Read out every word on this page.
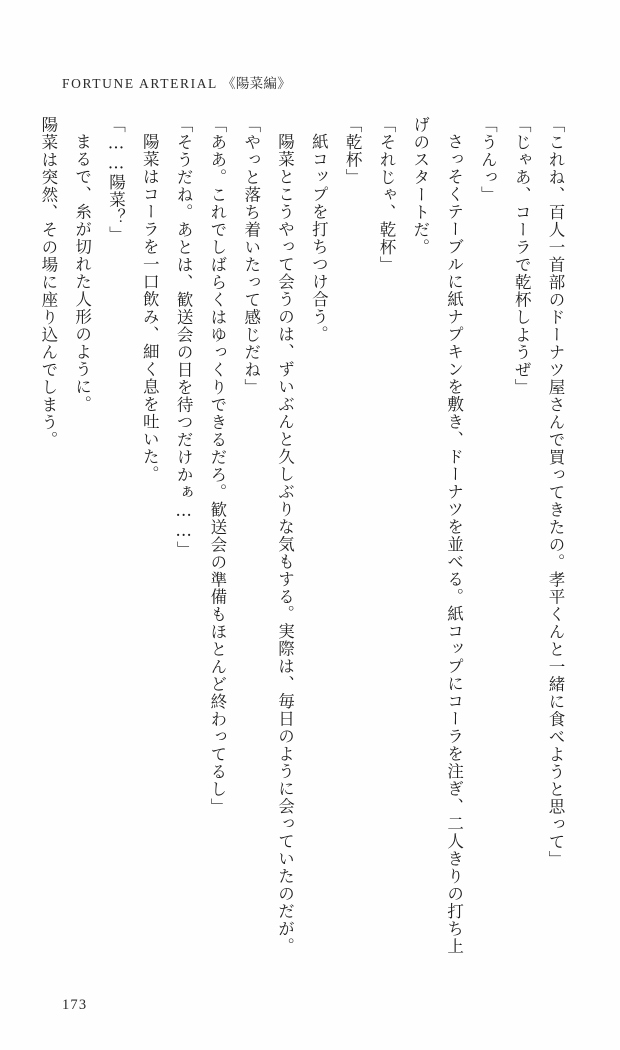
FORTUNE ARTERIAL 《陽菜編》

「これね、百人一首部のドーナツ屋さんで買ってきたの。孝平くんと一緒に食べようと思って」

「じゃあ、コーラで乾杯しようぜ」

「うんっ」

さっそくテーブルに紙ナプキンを敷き、ドーナツを並べる。紙コップにコーラを注ぎ、二人きりの打ち上げのスタートだ。

「それじゃ、乾杯」

「乾杯」

紙コップを打ちつけ合う。

陽菜とこうやって会うのは、ずいぶんと久しぶりな気もする。実際は、毎日のように会っていたのだが。

「やっと落ち着いたって感じだね」

「ああ。これでしばらくはゆっくりできるだろ。歓送会の準備もほとんど終わってるし」

「そうだね。あとは、歓送会の日を待つだけかぁ……」

陽菜はコーラを一口飲み、細く息を吐いた。

「……陽菜？」

まるで、糸が切れた人形のように。

陽菜は突然、その場に座り込んでしまう。

173
